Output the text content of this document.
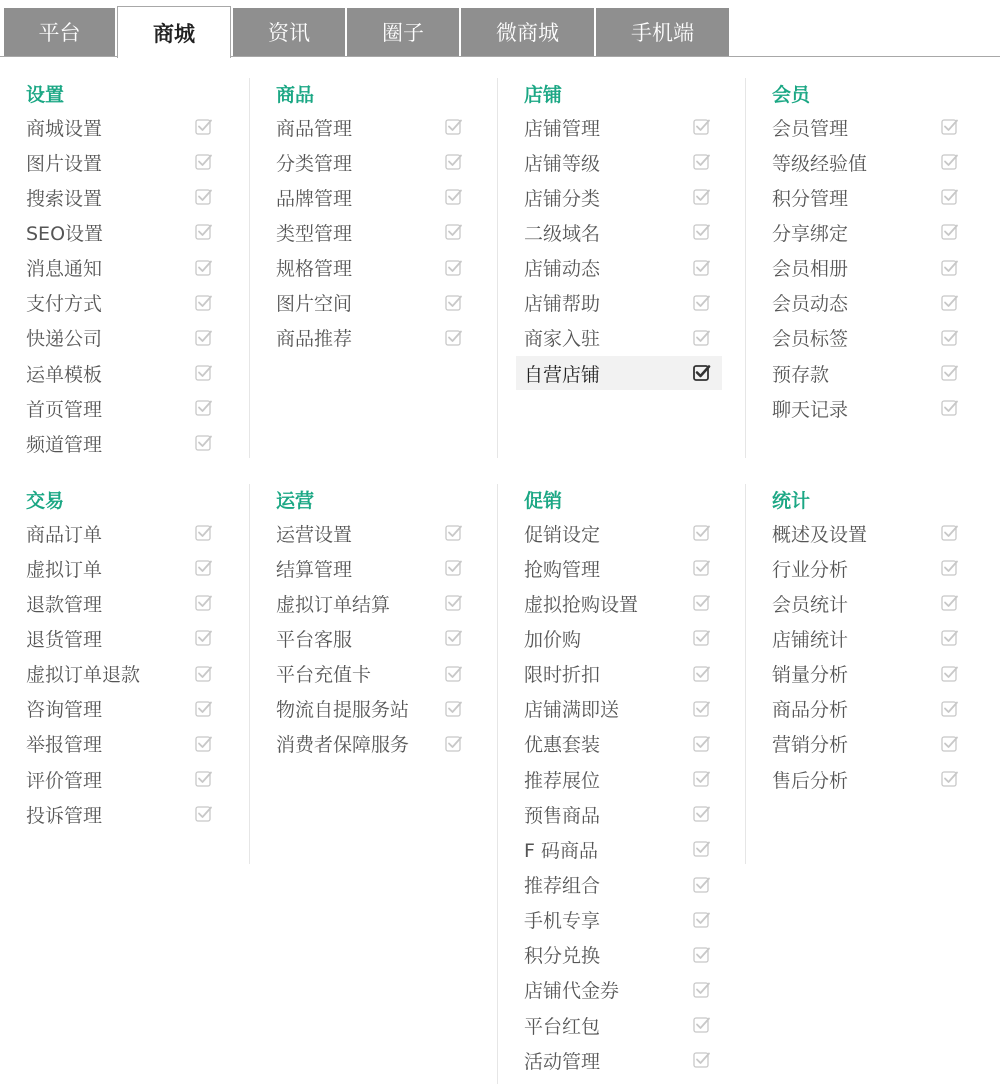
平台	商城	资讯	圈子	微商城	手机端
设置
商城设置
图片设置
搜索设置
SEO设置
消息通知
支付方式
快递公司
运单模板
首页管理
频道管理
商品
商品管理
分类管理
品牌管理
类型管理
规格管理
图片空间
商品推荐
店铺
店铺管理
店铺等级
店铺分类
二级域名
店铺动态
店铺帮助
商家入驻
自营店铺
会员
会员管理
等级经验值
积分管理
分享绑定
会员相册
会员动态
会员标签
预存款
聊天记录
交易
商品订单
虚拟订单
退款管理
退货管理
虚拟订单退款
咨询管理
举报管理
评价管理
投诉管理
运营
运营设置
结算管理
虚拟订单结算
平台客服
平台充值卡
物流自提服务站
消费者保障服务
促销
促销设定
抢购管理
虚拟抢购设置
加价购
限时折扣
店铺满即送
优惠套装
推荐展位
预售商品
F 码商品
推荐组合
手机专享
积分兑换
店铺代金券
平台红包
活动管理
统计
概述及设置
行业分析
会员统计
店铺统计
销量分析
商品分析
营销分析
售后分析
